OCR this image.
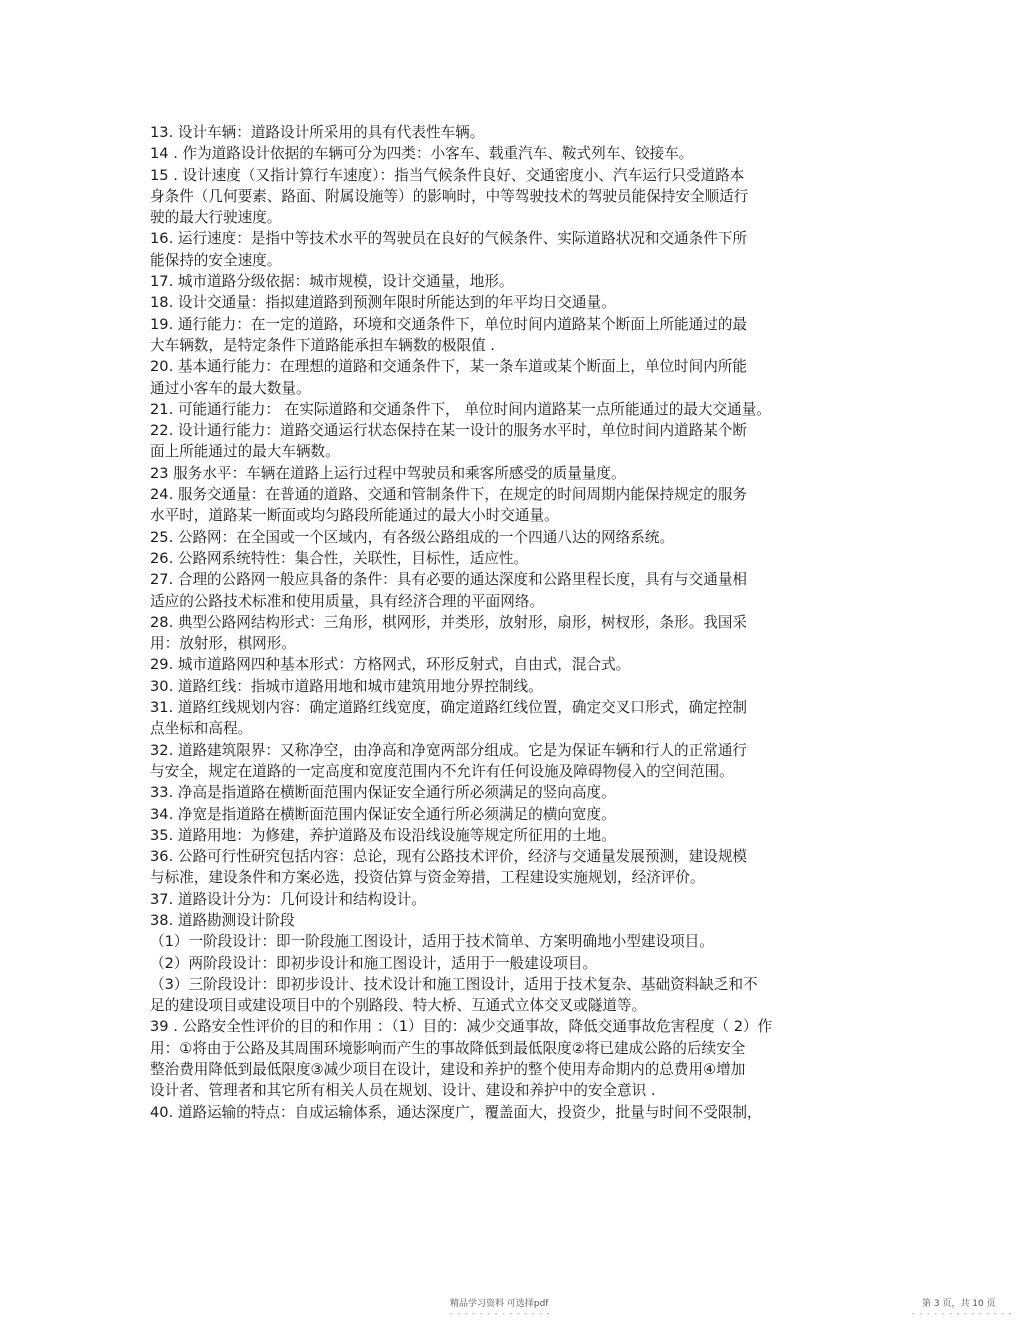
13. 设计车辆：道路设计所采用的具有代表性车辆。
14 . 作为道路设计依据的车辆可分为四类：小客车、载重汽车、鞍式列车、铰接车。
15 . 设计速度（又指计算行车速度）：指当气候条件良好、交通密度小、汽车运行只受道路本
身条件（几何要素、路面、附属设施等）的影响时，中等驾驶技术的驾驶员能保持安全顺适行
驶的最大行驶速度。
16. 运行速度：是指中等技术水平的驾驶员在良好的气候条件、实际道路状况和交通条件下所
能保持的安全速度。
17. 城市道路分级依据：城市规模，设计交通量，地形。
18. 设计交通量：指拟建道路到预测年限时所能达到的年平均日交通量。
19. 通行能力：在一定的道路，环境和交通条件下，单位时间内道路某个断面上所能通过的最
大车辆数，是特定条件下道路能承担车辆数的极限值 .
20. 基本通行能力：在理想的道路和交通条件下，某一条车道或某个断面上，单位时间内所能
通过小客车的最大数量。
21. 可能通行能力： 在实际道路和交通条件下， 单位时间内道路某一点所能通过的最大交通量。
22. 设计通行能力：道路交通运行状态保持在某一设计的服务水平时，单位时间内道路某个断
面上所能通过的最大车辆数。
23 服务水平：车辆在道路上运行过程中驾驶员和乘客所感受的质量量度。
24. 服务交通量：在普通的道路、交通和管制条件下，在规定的时间周期内能保持规定的服务
水平时，道路某一断面或均匀路段所能通过的最大小时交通量。
25. 公路网：在全国或一个区域内，有各级公路组成的一个四通八达的网络系统。
26. 公路网系统特性：集合性，关联性，目标性，适应性。
27. 合理的公路网一般应具备的条件：具有必要的通达深度和公路里程长度，具有与交通量相
适应的公路技术标准和使用质量，具有经济合理的平面网络。
28. 典型公路网结构形式：三角形，棋网形，并类形，放射形，扇形，树杈形，条形。我国采
用：放射形，棋网形。
29. 城市道路网四种基本形式：方格网式，环形反射式，自由式，混合式。
30. 道路红线：指城市道路用地和城市建筑用地分界控制线。
31. 道路红线规划内容：确定道路红线宽度，确定道路红线位置，确定交叉口形式，确定控制
点坐标和高程。
32. 道路建筑限界：又称净空，由净高和净宽两部分组成。它是为保证车辆和行人的正常通行
与安全，规定在道路的一定高度和宽度范围内不允许有任何设施及障碍物侵入的空间范围。
33. 净高是指道路在横断面范围内保证安全通行所必须满足的竖向高度。
34. 净宽是指道路在横断面范围内保证安全通行所必须满足的横向宽度。
35. 道路用地：为修建，养护道路及布设沿线设施等规定所征用的土地。
36. 公路可行性研究包括内容：总论，现有公路技术评价，经济与交通量发展预测，建设规模
与标准，建设条件和方案必选，投资估算与资金筹措，工程建设实施规划，经济评价。
37. 道路设计分为：几何设计和结构设计。
38. 道路勘测设计阶段
（1）一阶段设计：即一阶段施工图设计，适用于技术简单、方案明确地小型建设项目。
（2）两阶段设计：即初步设计和施工图设计，适用于一般建设项目。
（3）三阶段设计：即初步设计、技术设计和施工图设计，适用于技术复杂、基础资料缺乏和不
足的建设项目或建设项目中的个别路段、特大桥、互通式立体交叉或隧道等。
39 . 公路安全性评价的目的和作用 ：（1）目的：减少交通事故，降低交通事故危害程度（ 2）作
用：①将由于公路及其周围环境影响而产生的事故降低到最低限度②将已建成公路的后续安全
整治费用降低到最低限度③减少项目在设计，建设和养护的整个使用寿命期内的总费用④增加
设计者、管理者和其它所有相关人员在规划、设计、建设和养护中的安全意识 .
40. 道路运输的特点：自成运输体系，通达深度广，覆盖面大，投资少，批量与时间不受限制，
精品学习资料 可选择pdf
- - - - - - - - - - - - - -
第 3 页，共 10 页
- - - - - - - - - - - - - -
